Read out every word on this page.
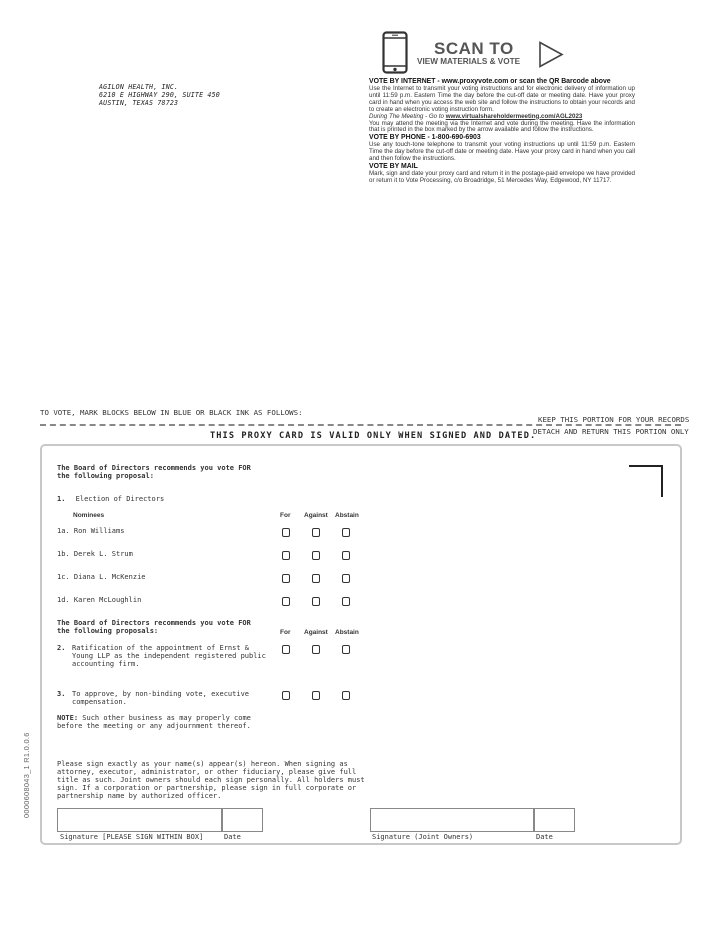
AGILON HEALTH, INC.
6210 E HIGHWAY 290, SUITE 450
AUSTIN, TEXAS 78723
SCAN TO
VIEW MATERIALS & VOTE
VOTE BY INTERNET - www.proxyvote.com or scan the QR Barcode above
Use the Internet to transmit your voting instructions and for electronic delivery of information up until 11:59 p.m. Eastern Time the day before the cut-off date or meeting date. Have your proxy card in hand when you access the web site and follow the instructions to obtain your records and to create an electronic voting instruction form.
During The Meeting - Go to www.virtualshareholdermeeting.com/AGL2023
You may attend the meeting via the Internet and vote during the meeting. Have the information that is printed in the box marked by the arrow available and follow the instructions.
VOTE BY PHONE - 1-800-690-6903
Use any touch-tone telephone to transmit your voting instructions up until 11:59 p.m. Eastern Time the day before the cut-off date or meeting date. Have your proxy card in hand when you call and then follow the instructions.
VOTE BY MAIL
Mark, sign and date your proxy card and return it in the postage-paid envelope we have provided or return it to Vote Processing, c/o Broadridge, 51 Mercedes Way, Edgewood, NY 11717.
TO VOTE, MARK BLOCKS BELOW IN BLUE OR BLACK INK AS FOLLOWS:
KEEP THIS PORTION FOR YOUR RECORDS
DETACH AND RETURN THIS PORTION ONLY
THIS PROXY CARD IS VALID ONLY WHEN SIGNED AND DATED.
The Board of Directors recommends you vote FOR
the following proposal:
1. Election of Directors
Nominees	For Against Abstain
1a. Ron Williams
1b. Derek L. Strum
1c. Diana L. McKenzie
1d. Karen McLoughlin
The Board of Directors recommends you vote FOR
the following proposals:	For Against Abstain
2. Ratification of the appointment of Ernst &
Young LLP as the independent registered public
accounting firm.
3. To approve, by non-binding vote, executive
compensation.
NOTE: Such other business as may properly come
before the meeting or any adjournment thereof.
Please sign exactly as your name(s) appear(s) hereon. When signing as
attorney, executor, administrator, or other fiduciary, please give full
title as such. Joint owners should each sign personally. All holders must
sign. If a corporation or partnership, please sign in full corporate or
partnership name by authorized officer.
Signature [PLEASE SIGN WITHIN BOX]	Date	Signature (Joint Owners)	Date
0000608043_1 R1.0.0.6
